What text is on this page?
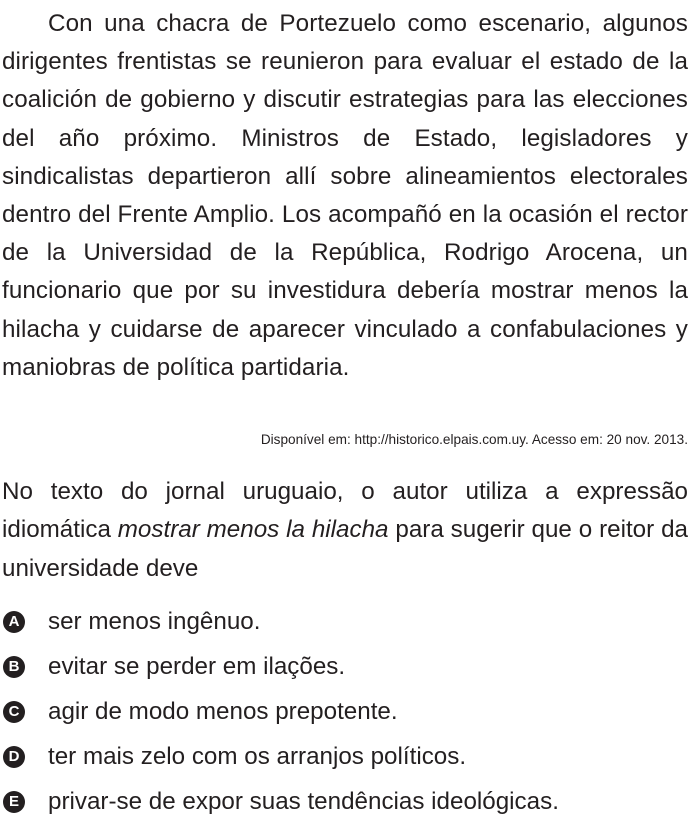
Con una chacra de Portezuelo como escenario, algunos dirigentes frentistas se reunieron para evaluar el estado de la coalición de gobierno y discutir estrategias para las elecciones del año próximo. Ministros de Estado, legisladores y sindicalistas departieron allí sobre alineamientos electorales dentro del Frente Amplio. Los acompañó en la ocasión el rector de la Universidad de la República, Rodrigo Arocena, un funcionario que por su investidura debería mostrar menos la hilacha y cuidarse de aparecer vinculado a confabulaciones y maniobras de política partidaria.

Disponível em: http://historico.elpais.com.uy. Acesso em: 20 nov. 2013.

No texto do jornal uruguaio, o autor utiliza a expressão idiomática mostrar menos la hilacha para sugerir que o reitor da universidade deve

A ser menos ingênuo.
B evitar se perder em ilações.
C agir de modo menos prepotente.
D ter mais zelo com os arranjos políticos.
E privar-se de expor suas tendências ideológicas.
